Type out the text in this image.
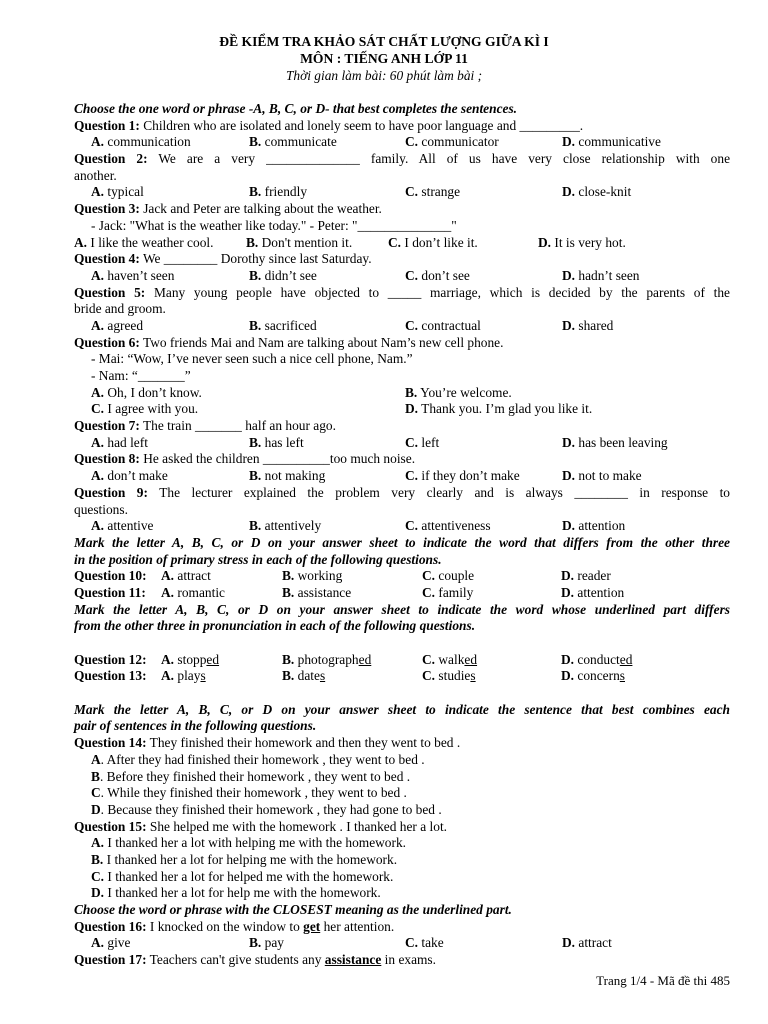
ĐỀ KIỂM TRA KHẢO SÁT CHẤT LƯỢNG GIỮA KÌ I
MÔN : TIẾNG ANH LỚP 11
Thời gian làm bài: 60 phút làm bài ;
Choose the one word or phrase -A, B, C, or D- that best completes the sentences.
Question 1: Children who are isolated and lonely seem to have poor language and _________.
A. communication	B. communicate	C. communicator	D. communicative
Question 2: We are a very ______________ family. All of us have very close relationship with one
another.
A. typical	B. friendly	C. strange	D. close-knit
Question 3: Jack and Peter are talking about the weather.
- Jack: "What is the weather like today." - Peter: "______________"
A. I like the weather cool. B. Don't mention it.	C. I don’t like it.	D. It is very hot.
Question 4: We ________ Dorothy since last Saturday.
A. haven’t seen	B. didn’t see	C. don’t see	D. hadn’t seen
Question 5: Many young people have objected to _____ marriage, which is decided by the parents of the
bride and groom.
A. agreed	B. sacrificed	C. contractual	D. shared
Question 6: Two friends Mai and Nam are talking about Nam’s new cell phone.
- Mai: “Wow, I’ve never seen such a nice cell phone, Nam.”
- Nam: “_______”
A. Oh, I don’t know.	B. You’re welcome.
C. I agree with you.	D. Thank you. I’m glad you like it.
Question 7: The train _______ half an hour ago.
A. had left	B. has left	C. left	D. has been leaving
Question 8: He asked the children __________too much noise.
A. don’t make	B. not making	C. if they don’t make	D. not to make
Question 9: The lecturer explained the problem very clearly and is always ________ in response to
questions.
A. attentive	B. attentively	C. attentiveness	D. attention
Mark the letter A, B, C, or D on your answer sheet to indicate the word that differs from the other three
in the position of primary stress in each of the following questions.
Question 10: A. attract	B. working	C. couple	D. reader
Question 11: A. romantic	B. assistance	C. family	D. attention
Mark the letter A, B, C, or D on your answer sheet to indicate the word whose underlined part differs
from the other three in pronunciation in each of the following questions.
Question 12: A. stopped	B. photographed	C. walked	D. conducted
Question 13: A. plays	B. dates	C. studies	D. concerns
Mark the letter A, B, C, or D on your answer sheet to indicate the sentence that best combines each
pair of sentences in the following questions.
Question 14: They finished their homework and then they went to bed .
A. After they had finished their homework , they went to bed .
B. Before they finished their homework , they went to bed .
C. While they finished their homework , they went to bed .
D. Because they finished their homework , they had gone to bed .
Question 15: She helped me with the homework . I thanked her a lot.
A. I thanked her a lot with helping me with the homework.
B. I thanked her a lot for helping me with the homework.
C. I thanked her a lot for helped me with the homework.
D. I thanked her a lot for help me with the homework.
Choose the word or phrase with the CLOSEST meaning as the underlined part.
Question 16: I knocked on the window to get her attention.
A. give	B. pay	C. take	D. attract
Question 17: Teachers can't give students any assistance in exams.
Trang 1/4 - Mã đề thi 485
